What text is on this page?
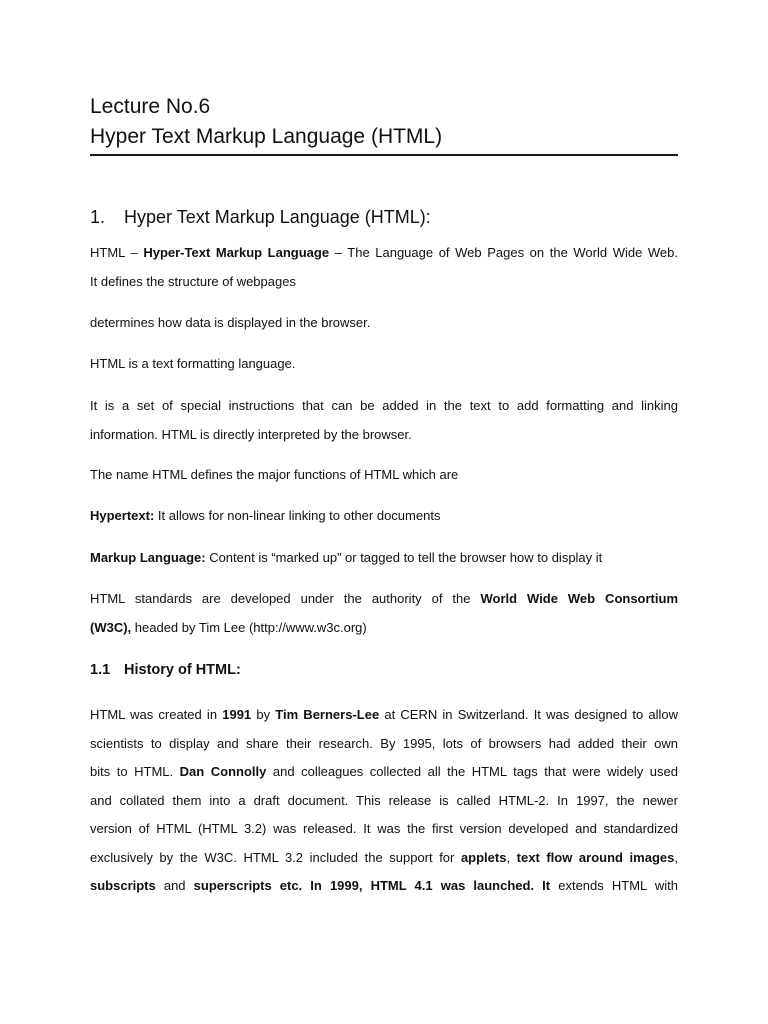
Lecture No.6
Hyper Text Markup Language (HTML)
1. Hyper Text Markup Language (HTML):
HTML – Hyper-Text Markup Language – The Language of Web Pages on the World Wide Web.
It defines the structure of webpages
determines how data is displayed in the browser.
HTML is a text formatting language.
It is a set of special instructions that can be added in the text to add formatting and linking
information. HTML is directly interpreted by the browser.
The name HTML defines the major functions of HTML which are
Hypertext: It allows for non-linear linking to other documents
Markup Language: Content is “marked up” or tagged to tell the browser how to display it
HTML standards are developed under the authority of the World Wide Web Consortium
(W3C), headed by Tim Lee (http://www.w3c.org)
1.1 History of HTML:
HTML was created in 1991 by Tim Berners-Lee at CERN in Switzerland. It was designed to allow
scientists to display and share their research. By 1995, lots of browsers had added their own
bits to HTML. Dan Connolly and colleagues collected all the HTML tags that were widely used
and collated them into a draft document. This release is called HTML-2. In 1997, the newer
version of HTML (HTML 3.2) was released. It was the first version developed and standardized
exclusively by the W3C. HTML 3.2 included the support for applets, text flow around images,
subscripts and superscripts etc. In 1999, HTML 4.1 was launched. It extends HTML with
